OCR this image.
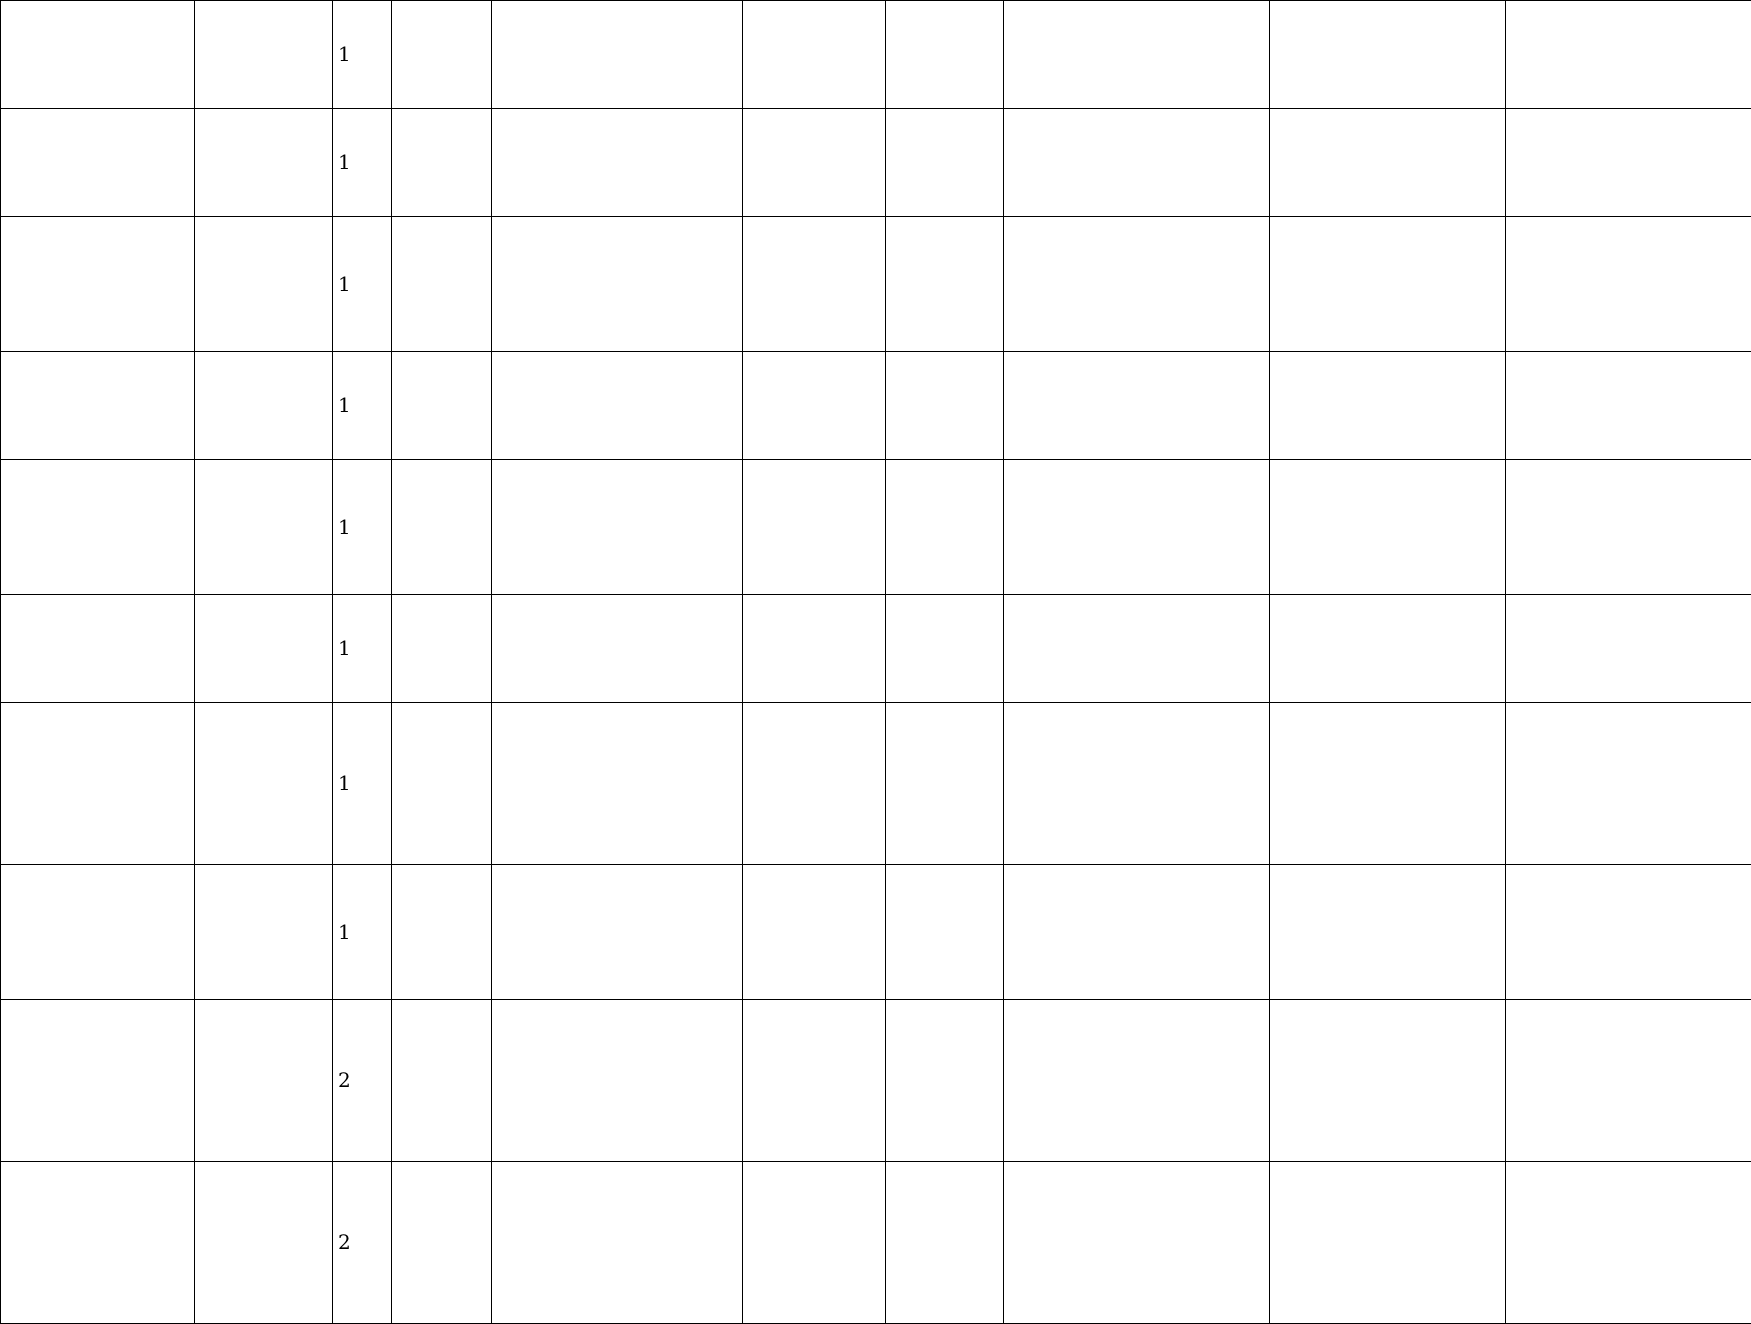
		1							
		1							
		1							
		1							
		1							
		1							
		1							
		1							
		2							
		2							
